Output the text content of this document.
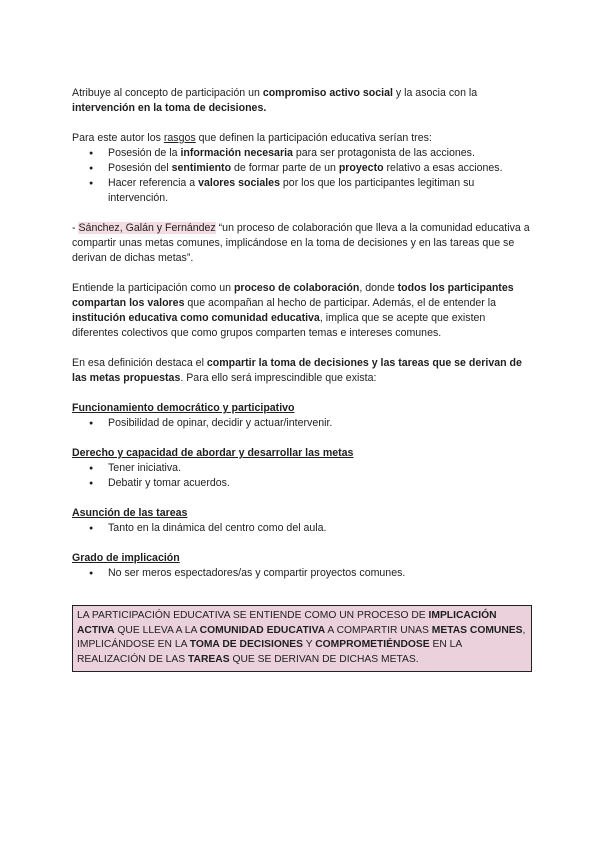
Atribuye al concepto de participación un compromiso activo social y la asocia con la intervención en la toma de decisiones.

Para este autor los rasgos que definen la participación educativa serían tres:

● Posesión de la información necesaria para ser protagonista de las acciones.
● Posesión del sentimiento de formar parte de un proyecto relativo a esas acciones.
● Hacer referencia a valores sociales por los que los participantes legitiman su intervención.

- Sánchez, Galán y Fernández “un proceso de colaboración que lleva a la comunidad educativa a compartir unas metas comunes, implicándose en la toma de decisiones y en las tareas que se derivan de dichas metas”.

Entiende la participación como un proceso de colaboración, donde todos los participantes compartan los valores que acompañan al hecho de participar. Además, el de entender la institución educativa como comunidad educativa, implica que se acepte que existen diferentes colectivos que como grupos comparten temas e intereses comunes.

En esa definición destaca el compartir la toma de decisiones y las tareas que se derivan de las metas propuestas. Para ello será imprescindible que exista:

Funcionamiento democrático y participativo

● Posibilidad de opinar, decidir y actuar/intervenir.

Derecho y capacidad de abordar y desarrollar las metas

● Tener iniciativa.
● Debatir y tomar acuerdos.

Asunción de las tareas

● Tanto en la dinámica del centro como del aula.

Grado de implicación

● No ser meros espectadores/as y compartir proyectos comunes.
LA PARTICIPACIÓN EDUCATIVA SE ENTIENDE COMO UN PROCESO DE IMPLICACIÓN ACTIVA QUE LLEVA A LA COMUNIDAD EDUCATIVA A COMPARTIR UNAS METAS COMUNES, IMPLICÁNDOSE EN LA TOMA DE DECISIONES Y COMPROMETIÉNDOSE EN LA REALIZACIÓN DE LAS TAREAS QUE SE DERIVAN DE DICHAS METAS.
